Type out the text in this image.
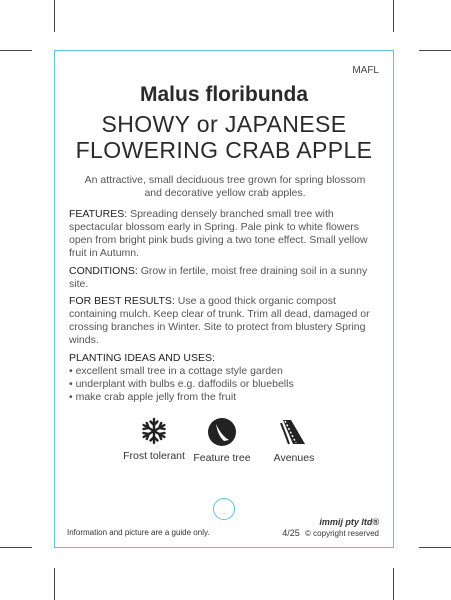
MAFL
Malus floribunda
SHOWY or JAPANESE
FLOWERING CRAB APPLE
An attractive, small deciduous tree grown for spring blossom and decorative yellow crab apples.
FEATURES: Spreading densely branched small tree with spectacular blossom early in Spring. Pale pink to white flowers open from bright pink buds giving a two tone effect. Small yellow fruit in Autumn.
CONDITIONS: Grow in fertile, moist free draining soil in a sunny site.
FOR BEST RESULTS: Use a good thick organic compost containing mulch. Keep clear of trunk. Trim all dead, damaged or crossing branches in Winter. Site to protect from blustery Spring winds.
PLANTING IDEAS AND USES:
• excellent small tree in a cottage style garden
• underplant with bulbs e.g. daffodils or bluebells
• make crab apple jelly from the fruit
Frost tolerant Feature tree	Avenues
Information and picture are a guide only.
immij pty ltd®
4/25 © copyright reserved
